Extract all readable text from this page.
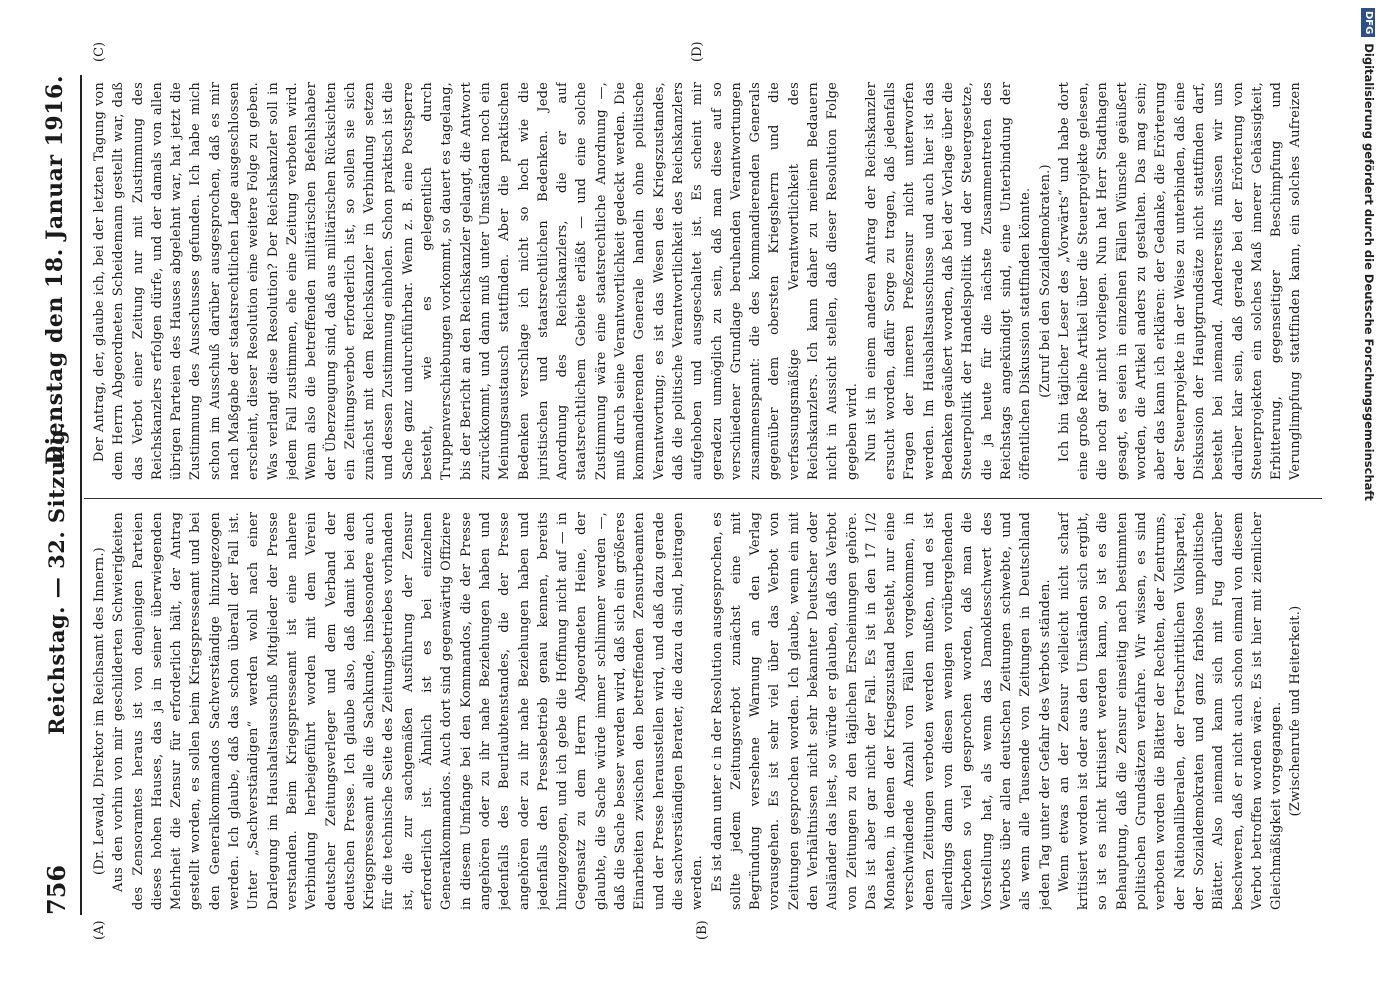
756
Reichstag. — 32. Sitzung.
Dienstag den 18. Januar 1916.
(A)	(B)
(C)	(D)

(Dr. Lewald, Direktor im Reichsamt des Innern.) Aus den vorhin von mir geschilderten Schwierigkeiten des Zensoramtes heraus ist von denjenigen Parteien dieses hohen Hauses, das ja in seiner überwiegenden Mehrheit die Zensur für erforderlich hält, der Antrag gestellt worden, es sollen beim Kriegspresseamt und bei den Generalkommandos Sachverständige hinzugezogen werden. Ich glaube, daß das schon überall der Fall ist. Unter „Sachverständigen“ werden wohl nach einer Darlegung im Haushaltsausschuß Mitglieder der Presse verstanden. Beim Kriegspresseamt ist eine nahere Verbindung herbeigeführt worden mit dem Verein deutscher Zeitungsverleger und dem Verband der deutschen Presse. Ich glaube also, daß damit bei dem Kriegspresseamt alle die Sachkunde, insbesondere auch für die technische Seite des Zeitungsbetriebes vorhanden ist, die zur sachgemäßen Ausführung der Zensur erforderlich ist. Ähnlich ist es bei einzelnen Generalkommandos. Auch dort sind gegenwärtig Offiziere in diesem Umfange bei den Kommandos, die der Presse angehören oder zu ihr nahe Beziehungen haben und jedenfalls des Beurlaubtenstandes, die der Presse angehören oder zu ihr nahe Beziehungen haben und jedenfalls den Pressebetrieb genau kennen, bereits hinzugezogen, und ich gebe die Hoffnung nicht auf — in Gegensatz zu dem Herrn Abgeordneten Heine, der glaubte, die Sache würde immer schlimmer werden —, daß die Sache besser werden wird, daß sich ein größeres Einarbeiten zwischen den betreffenden Zensurbeamten und der Presse herausstellen wird, und daß dazu gerade die sachverständigen Berater, die dazu da sind, beitragen werden. Es ist dann unter c in der Resolution ausgesprochen, es sollte jedem Zeitungsverbot zunächst eine mit Begründung versehene Warnung an den Verlag vorausgehen. Es ist sehr viel über das Verbot von Zeitungen gesprochen worden. Ich glaube, wenn ein mit den Verhältnissen nicht sehr bekannter Deutscher oder Ausländer das liest, so würde er glauben, daß das Verbot von Zeitungen zu den täglichen Erscheinungen gehöre. Das ist aber gar nicht der Fall. Es ist in den 17 1/2 Monaten, in denen der Kriegszustand besteht, nur eine verschwindende Anzahl von Fällen vorgekommen, in denen Zeitungen verboten werden mußten, und es ist allerdings dann von diesen wenigen vorübergehenden Verboten so viel gesprochen worden, daß man die Vorstellung hat, als wenn das Damoklesschwert des Verbots über allen deutschen Zeitungen schwebte, und als wenn alle Tausende von Zeitungen in Deutschland jeden Tag unter der Gefahr des Verbots ständen. Wenn etwas an der Zensur vielleicht nicht scharf kritisiert worden ist oder aus den Umständen sich ergibt, so ist es nicht kritisiert werden kann, so ist es die Behauptung, daß die Zensur einseitig nach bestimmten politischen Grundsätzen verfahre. Wir wissen, es sind verboten worden die Blätter der Rechten, der Zentrums, der Nationalliberalen, der Fortschrittlichen Volkspartei, der Sozialdemokraten und ganz farblose unpolitische Blätter. Also niemand kann sich mit Fug darüber beschweren, daß er nicht auch schon einmal von diesem Verbot betroffen worden wäre. Es ist hier mit ziemlicher Gleichmäßigkeit vorgegangen. (Zwischenrufe und Heiterkeit.)

Der Antrag, der, glaube ich, bei der letzten Tagung von dem Herrn Abgeordneten Scheidemann gestellt war, daß das Verbot einer Zeitung nur mit Zustimmung des Reichskanzlers erfolgen dürfe, und der damals von allen übrigen Parteien des Hauses abgelehnt war, hat jetzt die Zustimmung des Ausschusses gefunden. Ich habe mich schon im Ausschuß darüber ausgesprochen, daß es mir nach Maßgabe der staatsrechtlichen Lage ausgeschlossen erscheint, dieser Resolution eine weitere Folge zu geben. Was verlangt diese Resolution? Der Reichskanzler soll in jedem Fall zustimmen, ehe eine Zeitung verboten wird. Wenn also die betreffenden militärischen Befehlshaber der Überzeugung sind, daß aus militärischen Rücksichten ein Zeitungsverbot erforderlich ist, so sollen sie sich zunächst mit dem Reichskanzler in Verbindung setzen und dessen Zustimmung einholen. Schon praktisch ist die Sache ganz undurchführbar. Wenn z. B. eine Postsperre besteht, wie es gelegentlich durch Truppenverschiebungen vorkommt, so dauert es tagelang, bis der Bericht an den Reichskanzler gelangt, die Antwort zurückkommt, und dann muß unter Umständen noch ein Meinungsaustausch stattfinden. Aber die praktischen Bedenken verschlage ich nicht so hoch wie die juristischen und staatsrechtlichen Bedenken. Jede Anordnung des Reichskanzlers, die er auf staatsrechtlichem Gebiete erläßt — und eine solche Zustimmung wäre eine staatsrechtliche Anordnung —, muß durch seine Verantwortlichkeit gedeckt werden. Die kommandierenden Generale handeln ohne politische Verantwortung; es ist das Wesen des Kriegszustandes, daß die politische Verantwortlichkeit des Reichskanzlers aufgehoben und ausgeschaltet ist. Es scheint mir geradezu unmöglich zu sein, daß man diese auf so verschiedener Grundlage beruhenden Verantwortungen zusammenspannt: die des kommandierenden Generals gegenüber dem obersten Kriegsherrn und die verfassungsmäßige Verantwortlichkeit des Reichskanzlers. Ich kann daher zu meinem Bedauern nicht in Aussicht stellen, daß dieser Resolution Folge gegeben wird. Nun ist in einem anderen Antrag der Reichskanzler ersucht worden, dafür Sorge zu tragen, daß jedenfalls Fragen der inneren Preßzensur nicht unterworfen werden. Im Haushaltsausschusse und auch hier ist das Bedenken geäußert worden, daß bei der Vorlage über die Steuerpolitik der Handelspolitik und der Steuergesetze, die ja heute für die nächste Zusammentreten des Reichstags angekündigt sind, eine Unterbindung der öffentlichen Diskussion stattfinden könnte. (Zuruf bei den Sozialdemokraten.)

Ich bin täglicher Leser des „Vorwärts“ und habe dort eine große Reihe Artikel über die Steuerprojekte gelesen, die noch gar nicht vorliegen. Nun hat Herr Stadthagen gesagt, es seien in einzelnen Fällen Wünsche geäußert worden, die Artikel anders zu gestalten. Das mag sein; aber das kann ich erklären: der Gedanke, die Erörterung der Steuerprojekte in der Weise zu unterbinden, daß eine Diskussion der Hauptgrundsätze nicht stattfinden darf, besteht bei niemand. Andererseits müssen wir uns darüber klar sein, daß gerade bei der Erörterung von Steuerprojekten ein solches Maß innerer Gehässigkeit, Erbitterung, gegenseitiger Beschimpfung und Verunglimpfung stattfinden kann, ein solches Aufreizen

DFGDigitalisierung gefördert durch die Deutsche Forschungsgemeinschaft
